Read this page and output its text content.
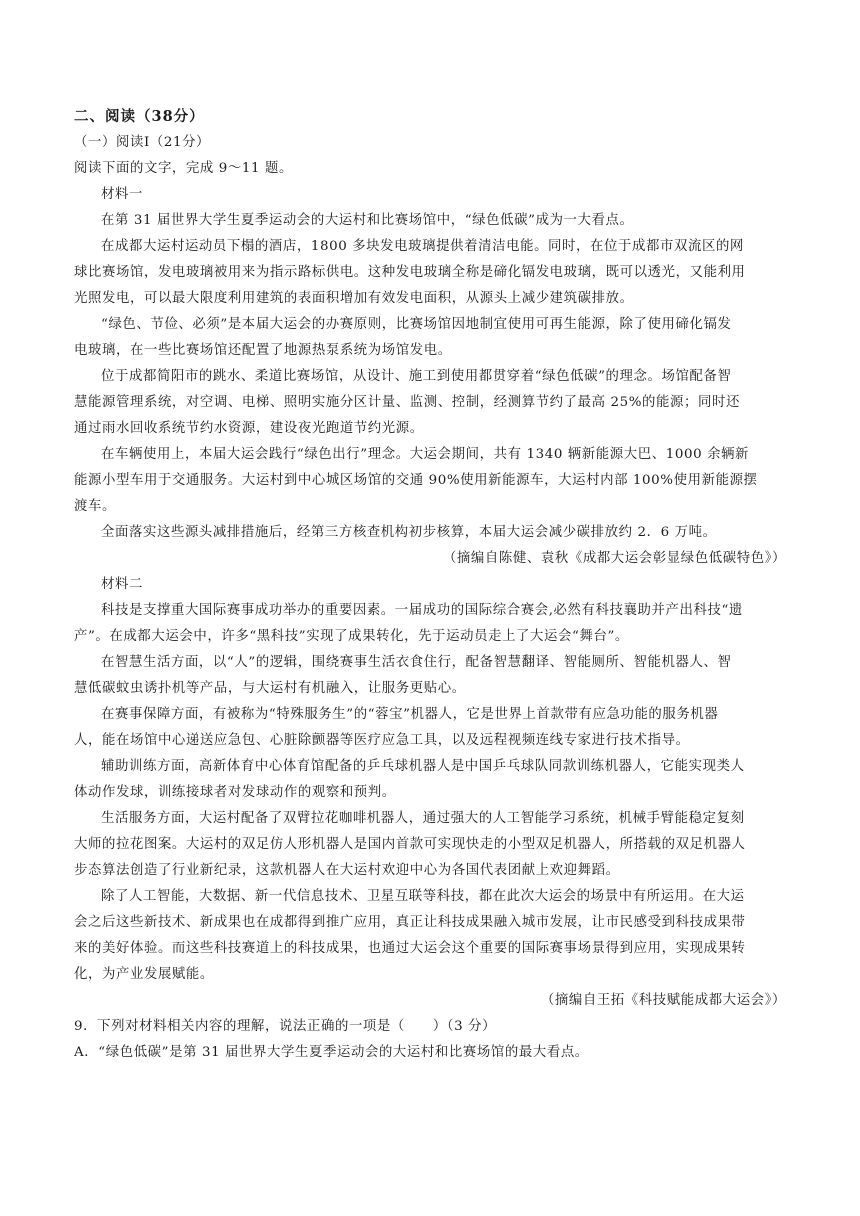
二、阅读（38分）
（一）阅读Ⅰ（21分）
阅读下面的文字，完成 9～11 题。
材料一
在第 31 届世界大学生夏季运动会的大运村和比赛场馆中，“绿色低碳”成为一大看点。
在成都大运村运动员下榻的酒店，1800 多块发电玻璃提供着清洁电能。同时，在位于成都市双流区的网
球比赛场馆，发电玻璃被用来为指示路标供电。这种发电玻璃全称是碲化镉发电玻璃，既可以透光，又能利用
光照发电，可以最大限度利用建筑的表面积增加有效发电面积，从源头上减少建筑碳排放。
“绿色、节俭、必须”是本届大运会的办赛原则，比赛场馆因地制宜使用可再生能源，除了使用碲化镉发
电玻璃，在一些比赛场馆还配置了地源热泵系统为场馆发电。
位于成都简阳市的跳水、柔道比赛场馆，从设计、施工到使用都贯穿着“绿色低碳”的理念。场馆配备智
慧能源管理系统，对空调、电梯、照明实施分区计量、监测、控制，经测算节约了最高 25%的能源；同时还
通过雨水回收系统节约水资源，建设夜光跑道节约光源。
在车辆使用上，本届大运会践行“绿色出行”理念。大运会期间，共有 1340 辆新能源大巴、1000 余辆新
能源小型车用于交通服务。大运村到中心城区场馆的交通 90%使用新能源车，大运村内部 100%使用新能源摆
渡车。
全面落实这些源头减排措施后，经第三方核查机构初步核算，本届大运会减少碳排放约 2．6 万吨。
（摘编自陈健、袁秋《成都大运会彰显绿色低碳特色》）
材料二
科技是支撑重大国际赛事成功举办的重要因素。一届成功的国际综合赛会,必然有科技襄助并产出科技“遗
产”。在成都大运会中，许多“黑科技”实现了成果转化，先于运动员走上了大运会“舞台”。
在智慧生活方面，以“人”的逻辑，围绕赛事生活衣食住行，配备智慧翻译、智能厕所、智能机器人、智
慧低碳蚊虫诱扑机等产品，与大运村有机融入，让服务更贴心。
在赛事保障方面，有被称为“特殊服务生”的“蓉宝”机器人，它是世界上首款带有应急功能的服务机器
人，能在场馆中心递送应急包、心脏除颤器等医疗应急工具，以及远程视频连线专家进行技术指导。
辅助训练方面，高新体育中心体育馆配备的乒乓球机器人是中国乒乓球队同款训练机器人，它能实现类人
体动作发球，训练接球者对发球动作的观察和预判。
生活服务方面，大运村配备了双臂拉花咖啡机器人，通过强大的人工智能学习系统，机械手臂能稳定复刻
大师的拉花图案。大运村的双足仿人形机器人是国内首款可实现快走的小型双足机器人，所搭载的双足机器人
步态算法创造了行业新纪录，这款机器人在大运村欢迎中心为各国代表团献上欢迎舞蹈。
除了人工智能，大数据、新一代信息技术、卫星互联等科技，都在此次大运会的场景中有所运用。在大运
会之后这些新技术、新成果也在成都得到推广应用，真正让科技成果融入城市发展，让市民感受到科技成果带
来的美好体验。而这些科技赛道上的科技成果，也通过大运会这个重要的国际赛事场景得到应用，实现成果转
化，为产业发展赋能。
（摘编自王拓《科技赋能成都大运会》）
9．下列对材料相关内容的理解，说法正确的一项是（　　）（3 分）
A．“绿色低碳”是第 31 届世界大学生夏季运动会的大运村和比赛场馆的最大看点。
